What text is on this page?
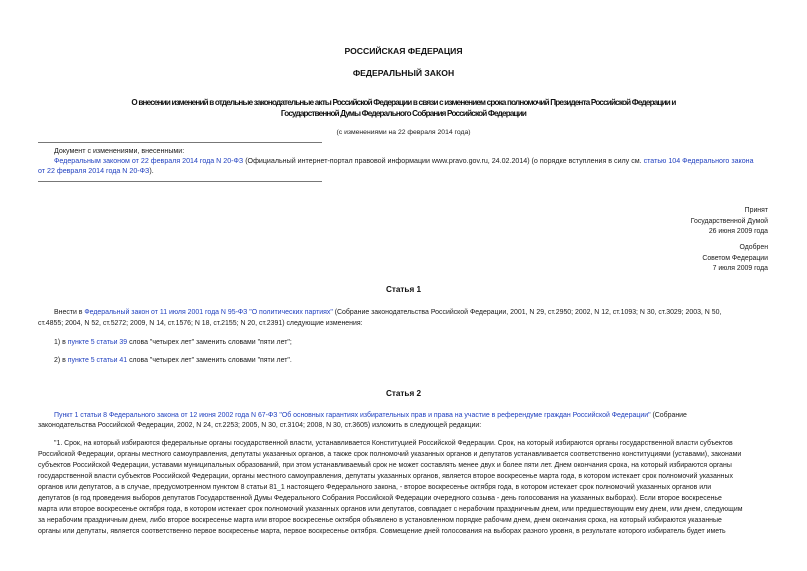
РОССИЙСКАЯ ФЕДЕРАЦИЯ
ФЕДЕРАЛЬНЫЙ ЗАКОН
О внесении изменений в отдельные законодательные акты Российской Федерации в связи с изменением срока полномочий Президента Российской Федерации и
Государственной Думы Федерального Собрания Российской Федерации
(с изменениями на 22 февраля 2014 года)
Документ с изменениями, внесенными:
Федеральным законом от 22 февраля 2014 года N 20-ФЗ (Официальный интернет-портал правовой информации www.pravo.gov.ru, 24.02.2014) (о порядке вступления в силу см. статью 104 Федерального закона
от 22 февраля 2014 года N 20-ФЗ).
Принят
Государственной Думой
26 июня 2009 года
Одобрен
Советом Федерации
7 июля 2009 года
Статья 1
Внести в Федеральный закон от 11 июля 2001 года N 95-ФЗ "О политических партиях" (Собрание законодательства Российской Федерации, 2001, N 29, ст.2950; 2002, N 12, ст.1093; N 30, ст.3029; 2003, N 50,
ст.4855; 2004, N 52, ст.5272; 2009, N 14, ст.1576; N 18, ст.2155; N 20, ст.2391) следующие изменения:
1) в пункте 5 статьи 39 слова "четырех лет" заменить словами "пяти лет";
2) в пункте 5 статьи 41 слова "четырех лет" заменить словами "пяти лет".
Статья 2
Пункт 1 статьи 8 Федерального закона от 12 июня 2002 года N 67-ФЗ "Об основных гарантиях избирательных прав и права на участие в референдуме граждан Российской Федерации" (Собрание
законодательства Российской Федерации, 2002, N 24, ст.2253; 2005, N 30, ст.3104; 2008, N 30, ст.3605) изложить в следующей редакции:
"1. Срок, на который избираются федеральные органы государственной власти, устанавливается Конституцией Российской Федерации. Срок, на который избираются органы государственной власти субъектов
Российской Федерации, органы местного самоуправления, депутаты указанных органов, а также срок полномочий указанных органов и депутатов устанавливается соответственно конституциями (уставами), законами
субъектов Российской Федерации, уставами муниципальных образований, при этом устанавливаемый срок не может составлять менее двух и более пяти лет. Днем окончания срока, на который избираются органы
государственной власти субъектов Российской Федерации, органы местного самоуправления, депутаты указанных органов, является второе воскресенье марта года, в котором истекает срок полномочий указанных
органов или депутатов, а в случае, предусмотренном пунктом 8 статьи 81_1 настоящего Федерального закона, - второе воскресенье октября года, в котором истекает срок полномочий указанных органов или
депутатов (в год проведения выборов депутатов Государственной Думы Федерального Собрания Российской Федерации очередного созыва - день голосования на указанных выборах). Если второе воскресенье
марта или второе воскресенье октября года, в котором истекает срок полномочий указанных органов или депутатов, совпадает с нерабочим праздничным днем, или предшествующим ему днем, или днем, следующим
за нерабочим праздничным днем, либо второе воскресенье марта или второе воскресенье октября объявлено в установленном порядке рабочим днем, днем окончания срока, на который избираются указанные
органы или депутаты, является соответственно первое воскресенье марта, первое воскресенье октября. Совмещение дней голосования на выборах разного уровня, в результате которого избиратель будет иметь
